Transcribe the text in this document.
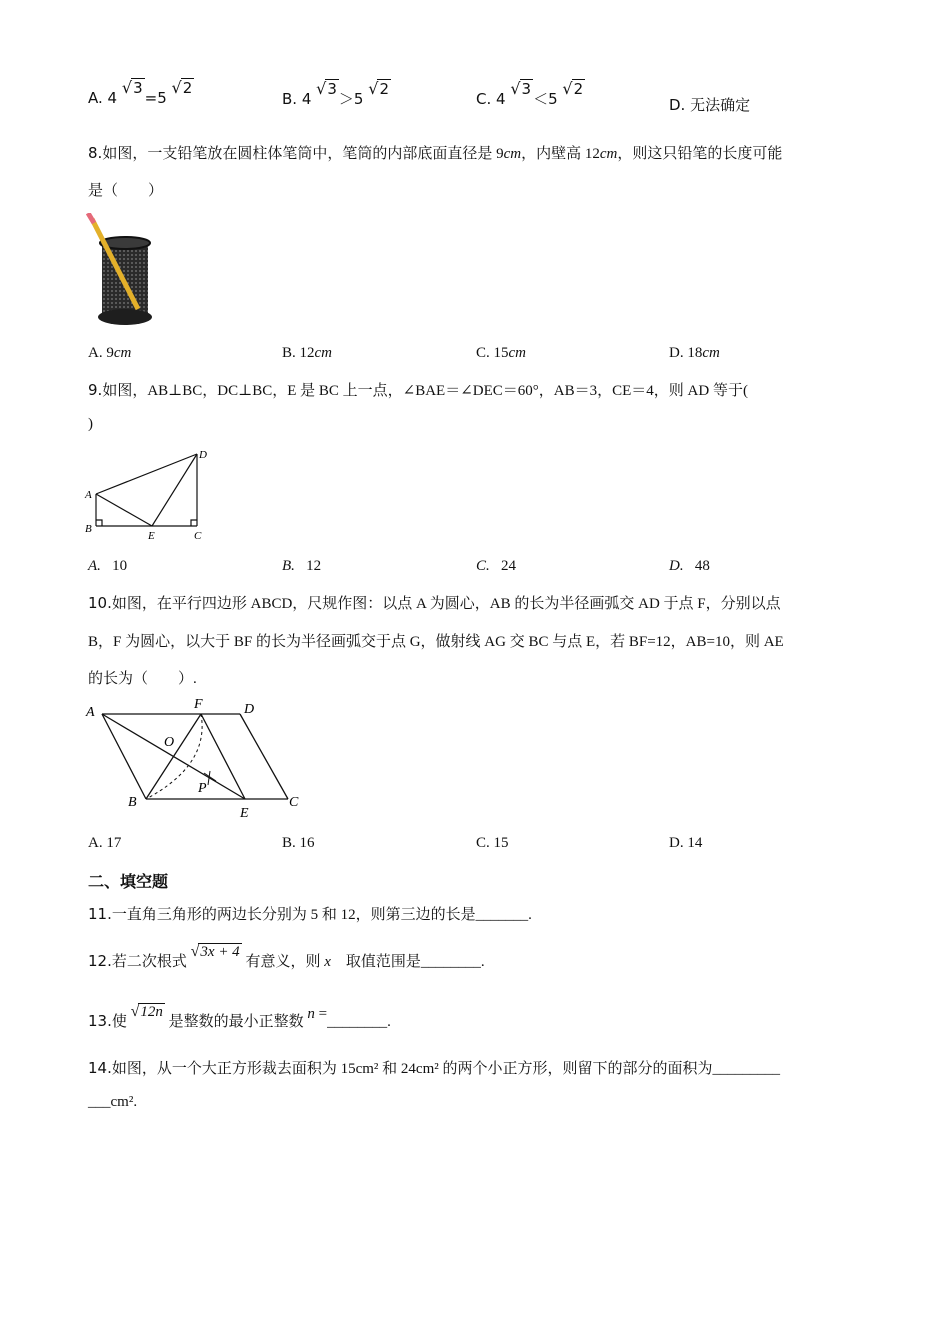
A. 4 √3=5 √2
B. 4 √3＞5 √2
C. 4 √3＜5 √2
D. 无法确定
8.如图，一支铅笔放在圆柱体笔筒中，笔筒的内部底面直径是 9cm，内壁高 12cm，则这只铅笔的长度可能
是（　　）
A. 9cm	B. 12cm	C. 15cm	D. 18cm
9.如图，AB⊥BC，DC⊥BC，E 是 BC 上一点，∠BAE＝∠DEC＝60°，AB＝3，CE＝4，则 AD 等于(
)
D
A
B
E	C
A. 10	B. 12	C. 24	D. 48
10.如图，在平行四边形 ABCD，尺规作图：以点 A 为圆心，AB 的长为半径画弧交 AD 于点 F，分别以点
B，F 为圆心，以大于 BF 的长为半径画弧交于点 G，做射线 AG 交 BC 与点 E，若 BF=12，AB=10，则 AE
的长为（　　）.
A
F	D
O
B
P
E
C
A. 17	B. 16	C. 15	D. 14
二、填空题
11.一直角三角形的两边长分别为 5 和 12，则第三边的长是_______.
12.若二次根式 √3x + 4 有意义，则 x　取值范围是________.
13.使 √12n 是整数的最小正整数 n =________.
14.如图，从一个大正方形裁去面积为 15cm² 和 24cm² 的两个小正方形，则留下的部分的面积为_________
___cm².
